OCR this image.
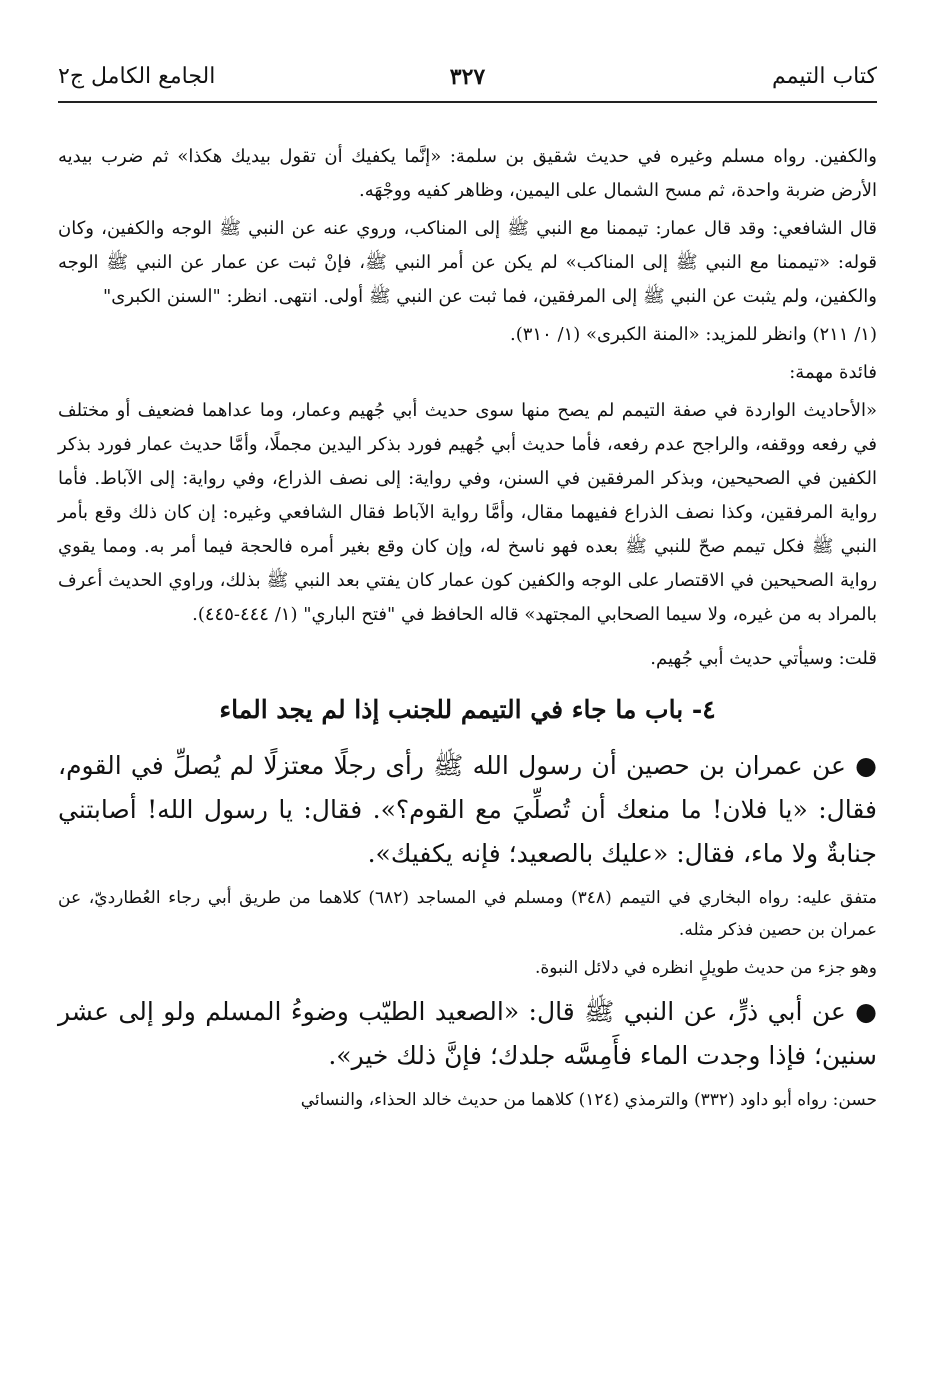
كتاب التيمم
٣٢٧
الجامع الكامل ج٢

والكفين. رواه مسلم وغيره في حديث شقيق بن سلمة: «إنَّما يكفيك أن تقول بيديك هكذا» ثم ضرب بيديه الأرض ضربة واحدة، ثم مسح الشمال على اليمين، وظاهر كفيه ووجْهَه.

قال الشافعي: وقد قال عمار: تيممنا مع النبي ﷺ إلى المناكب، وروي عنه عن النبي ﷺ الوجه والكفين، وكان قوله: «تيممنا مع النبي ﷺ إلى المناكب» لم يكن عن أمر النبي ﷺ، فإنْ ثبت عن عمار عن النبي ﷺ الوجه والكفين، ولم يثبت عن النبي ﷺ إلى المرفقين، فما ثبت عن النبي ﷺ أولى. انتهى. انظر: "السنن الكبرى"

(١/ ٢١١) وانظر للمزيد: «المنة الكبرى» (١/ ٣١٠).

فائدة مهمة:

«الأحاديث الواردة في صفة التيمم لم يصح منها سوى حديث أبي جُهيم وعمار، وما عداهما فضعيف أو مختلف في رفعه ووقفه، والراجح عدم رفعه، فأما حديث أبي جُهيم فورد بذكر اليدين مجملًا، وأمَّا حديث عمار فورد بذكر الكفين في الصحيحين، وبذكر المرفقين في السنن، وفي رواية: إلى نصف الذراع، وفي رواية: إلى الآباط. فأما رواية المرفقين، وكذا نصف الذراع ففيهما مقال، وأمَّا رواية الآباط فقال الشافعي وغيره: إن كان ذلك وقع بأمر النبي ﷺ فكل تيمم صحّ للنبي ﷺ بعده فهو ناسخ له، وإن كان وقع بغير أمره فالحجة فيما أمر به. ومما يقوي رواية الصحيحين في الاقتصار على الوجه والكفين كون عمار كان يفتي بعد النبي ﷺ بذلك، وراوي الحديث أعرف بالمراد به من غيره، ولا سيما الصحابي المجتهد» قاله الحافظ في "فتح الباري" (١/ ٤٤٤-٤٤٥).

قلت: وسيأتي حديث أبي جُهيم.

٤- باب ما جاء في التيمم للجنب إذا لم يجد الماء

● عن عمران بن حصين أن رسول الله ﷺ رأى رجلًا معتزلًا لم يُصلِّ في القوم، فقال: «يا فلان! ما منعك أن تُصلِّيَ مع القوم؟». فقال: يا رسول الله! أصابتني جنابةٌ ولا ماء، فقال: «عليك بالصعيد؛ فإنه يكفيك».

متفق عليه: رواه البخاري في التيمم (٣٤٨) ومسلم في المساجد (٦٨٢) كلاهما من طريق أبي رجاء العُطارديّ، عن عمران بن حصين فذكر مثله.

وهو جزء من حديث طويلٍ انظره في دلائل النبوة.

● عن أبي ذرٍّ، عن النبي ﷺ قال: «الصعيد الطيّب وضوءُ المسلم ولو إلى عشر سنين؛ فإذا وجدت الماء فأَمِسَّه جلدك؛ فإنَّ ذلك خير».

حسن: رواه أبو داود (٣٣٢) والترمذي (١٢٤) كلاهما من حديث خالد الحذاء، والنسائي
